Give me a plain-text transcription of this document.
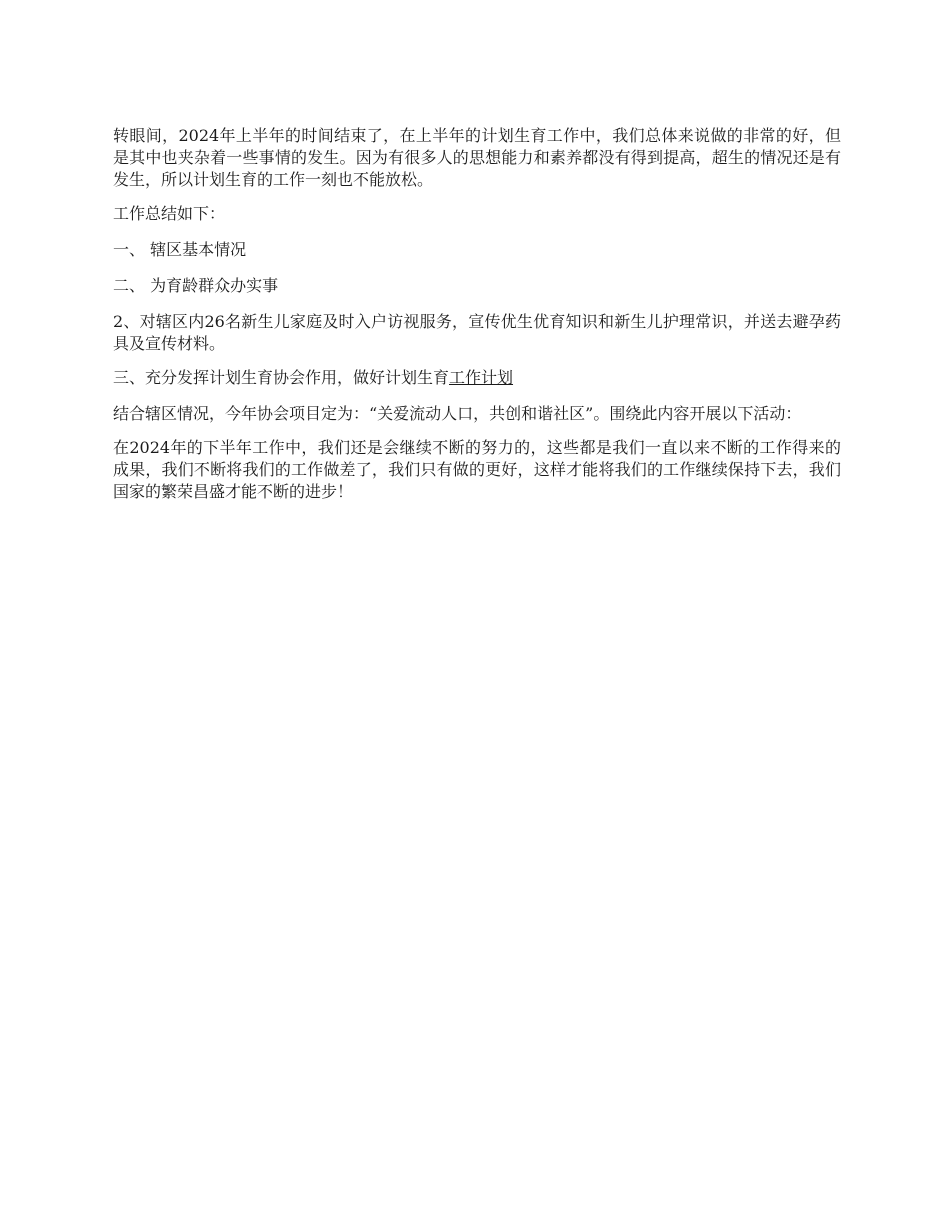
转眼间，2024年上半年的时间结束了，在上半年的计划生育工作中，我们总体来说做的非常的好，但是其中也夹杂着一些事情的发生。因为有很多人的思想能力和素养都没有得到提高，超生的情况还是有发生，所以计划生育的工作一刻也不能放松。

工作总结如下：

一、 辖区基本情况

二、 为育龄群众办实事

2、对辖区内26名新生儿家庭及时入户访视服务，宣传优生优育知识和新生儿护理常识，并送去避孕药具及宣传材料。

三、充分发挥计划生育协会作用，做好计划生育工作计划

结合辖区情况，今年协会项目定为：“关爱流动人口，共创和谐社区”。围绕此内容开展以下活动：

在2024年的下半年工作中，我们还是会继续不断的努力的，这些都是我们一直以来不断的工作得来的成果，我们不断将我们的工作做差了，我们只有做的更好，这样才能将我们的工作继续保持下去，我们国家的繁荣昌盛才能不断的进步！
